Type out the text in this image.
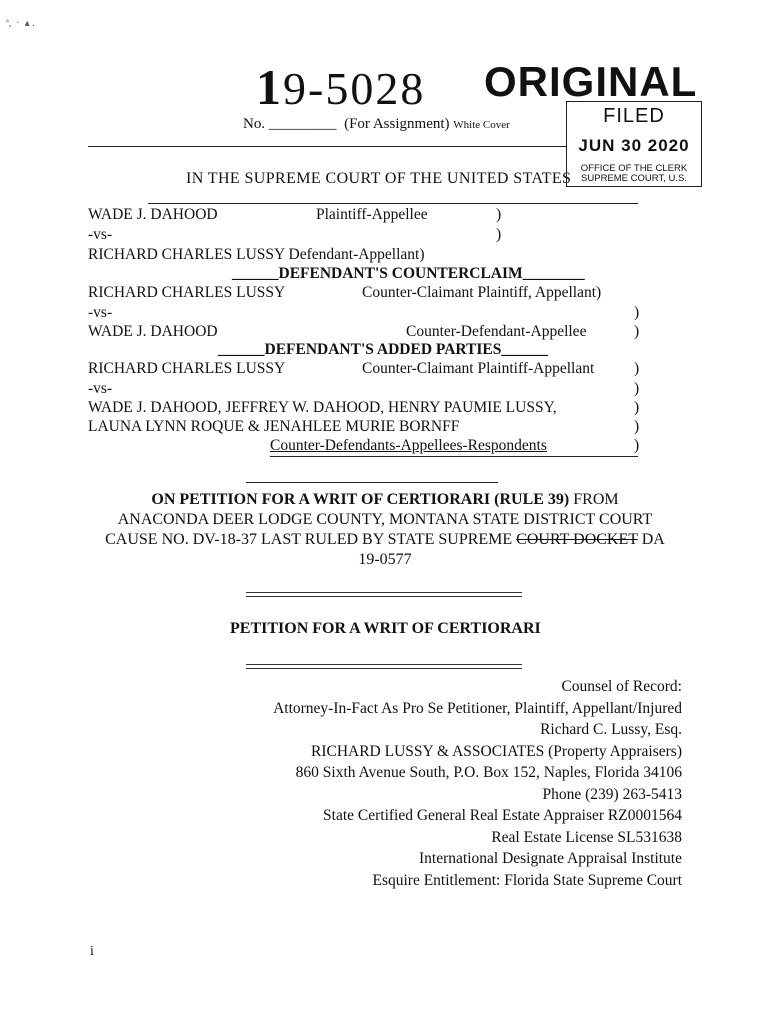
ª,  ·  ▴ .
19-5028 ORIGINAL
No. _________ (For Assignment) White Cover	FILED
JUN 30 2020
OFFICE OF THE CLERK
SUPREME COURT, U.S.
IN THE SUPREME COURT OF THE UNITED STATES
WADE J. DAHOOD	Plaintiff-Appellee	)
-vs-	)
RICHARD CHARLES LUSSY Defendant-Appellant)
______DEFENDANT'S COUNTERCLAIM________
RICHARD CHARLES LUSSY	Counter-Claimant Plaintiff, Appellant)
-vs-	)
WADE J. DAHOOD	Counter-Defendant-Appellee	)
______DEFENDANT'S ADDED PARTIES______
RICHARD CHARLES LUSSY	Counter-Claimant Plaintiff-Appellant	)
-vs-	)
WADE J. DAHOOD, JEFFREY W. DAHOOD, HENRY PAUMIE LUSSY,	)
LAUNA LYNN ROQUE & JENAHLEE MURIE BORNFF	)
Counter-Defendants-Appellees-Respondents	)
ON PETITION FOR A WRIT OF CERTIORARI (RULE 39) FROM
ANACONDA DEER LODGE COUNTY, MONTANA STATE DISTRICT COURT
CAUSE NO. DV-18-37 LAST RULED BY STATE SUPREME COURT DOCKET DA
19-0577
PETITION FOR A WRIT OF CERTIORARI
Counsel of Record:
Attorney-In-Fact As Pro Se Petitioner, Plaintiff, Appellant/Injured
Richard C. Lussy, Esq.
RICHARD LUSSY & ASSOCIATES (Property Appraisers)
860 Sixth Avenue South, P.O. Box 152, Naples, Florida 34106
Phone (239) 263-5413
State Certified General Real Estate Appraiser RZ0001564
Real Estate License SL531638
International Designate Appraisal Institute
Esquire Entitlement: Florida State Supreme Court
i
